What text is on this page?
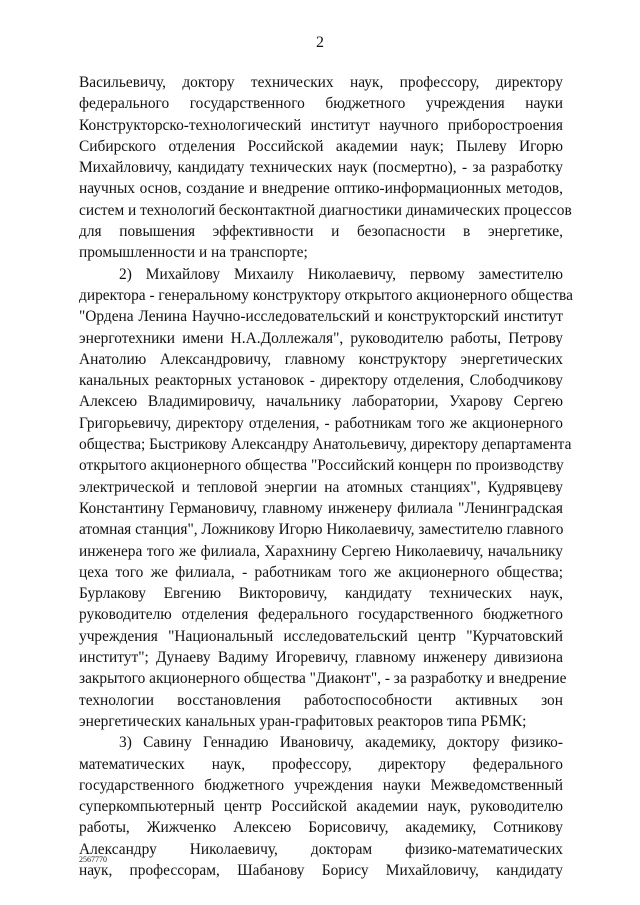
2
Васильевичу, доктору технических наук, профессору, директору
федерального государственного бюджетного учреждения науки
Конструкторско-технологический институт научного приборостроения
Сибирского отделения Российской академии наук; Пылеву Игорю
Михайловичу, кандидату технических наук (посмертно), - за разработку
научных основ, создание и внедрение оптико-информационных методов,
систем и технологий бесконтактной диагностики динамических процессов
для повышения эффективности и безопасности в энергетике,
промышленности и на транспорте;
2) Михайлову Михаилу Николаевичу, первому заместителю
директора - генеральному конструктору открытого акционерного общества
"Ордена Ленина Научно-исследовательский и конструкторский институт
энерготехники имени Н.А.Доллежаля", руководителю работы, Петрову
Анатолию Александровичу, главному конструктору энергетических
канальных реакторных установок - директору отделения, Слободчикову
Алексею Владимировичу, начальнику лаборатории, Ухарову Сергею
Григорьевичу, директору отделения, - работникам того же акционерного
общества; Быстрикову Александру Анатольевичу, директору департамента
открытого акционерного общества "Российский концерн по производству
электрической и тепловой энергии на атомных станциях", Кудрявцеву
Константину Германовичу, главному инженеру филиала "Ленинградская
атомная станция", Ложникову Игорю Николаевичу, заместителю главного
инженера того же филиала, Харахнину Сергею Николаевичу, начальнику
цеха того же филиала, - работникам того же акционерного общества;
Бурлакову Евгению Викторовичу, кандидату технических наук,
руководителю отделения федерального государственного бюджетного
учреждения "Национальный исследовательский центр "Курчатовский
институт"; Дунаеву Вадиму Игоревичу, главному инженеру дивизиона
закрытого акционерного общества "Диаконт", - за разработку и внедрение
технологии восстановления работоспособности активных зон
энергетических канальных уран-графитовых реакторов типа РБМК;
3) Савину Геннадию Ивановичу, академику, доктору физико-
математических наук, профессору, директору федерального
государственного бюджетного учреждения науки Межведомственный
суперкомпьютерный центр Российской академии наук, руководителю
работы, Жижченко Алексею Борисовичу, академику, Сотникову
Александру Николаевичу, докторам физико-математических
наук, профессорам, Шабанову Борису Михайловичу, кандидату
2567770
